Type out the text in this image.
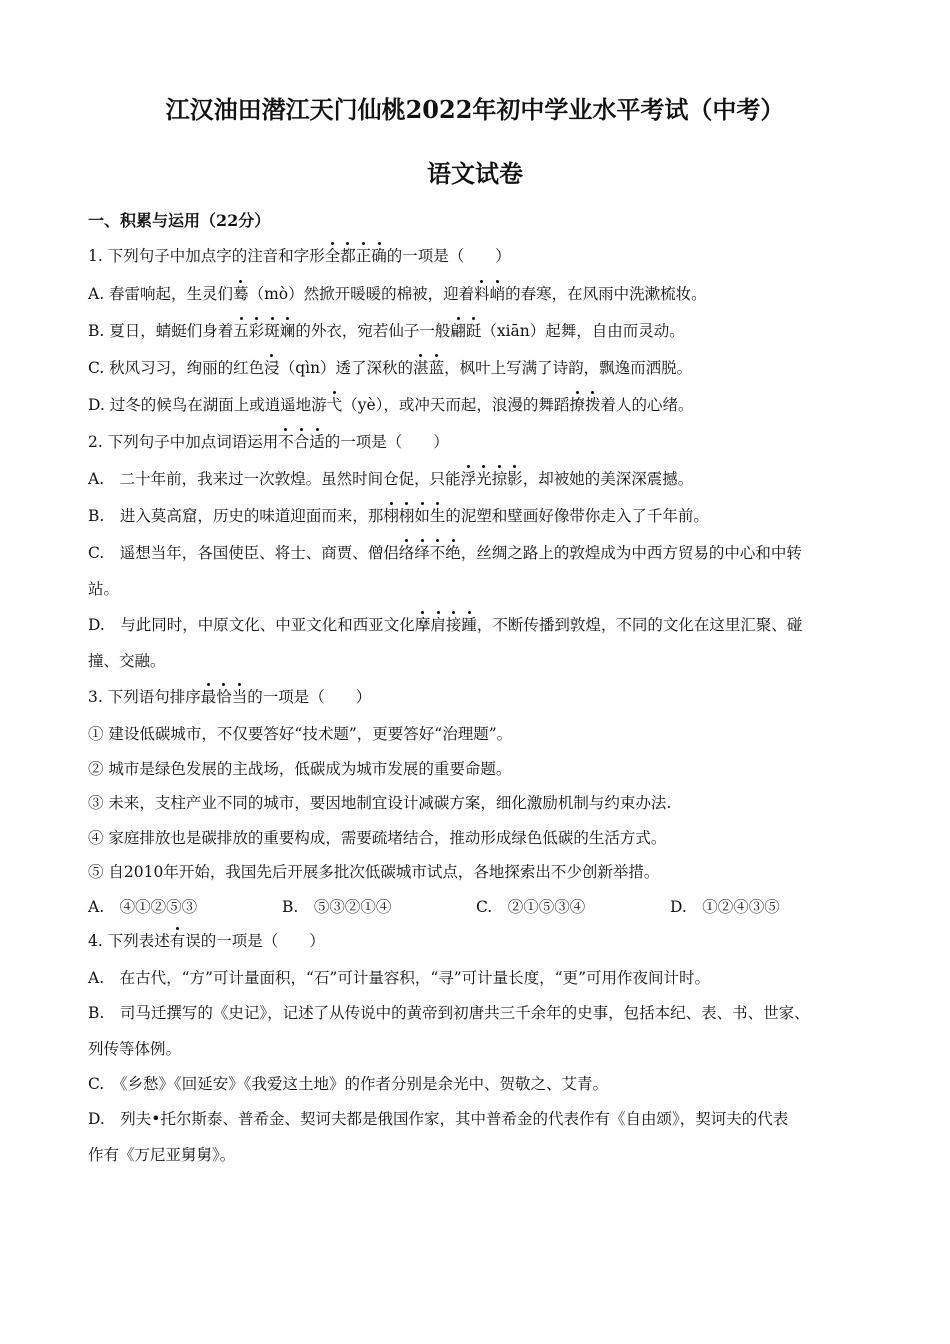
江汉油田潜江天门仙桃2022年初中学业水平考试（中考）
语文试卷
一、积累与运用（22分）
1. 下列句子中加点字的注音和字形全都正确的一项是（　　）
A. 春雷响起，生灵们蓦（mò）然掀开暖暖的棉被，迎着料峭的春寒，在风雨中洗漱梳妆。
B. 夏日，蜻蜓们身着五彩斑斓的外衣，宛若仙子一般翩跹（xiān）起舞，自由而灵动。
C. 秋风习习，绚丽的红色浸（qìn）透了深秋的湛蓝，枫叶上写满了诗韵，飘逸而洒脱。
D. 过冬的候鸟在湖面上或逍遥地游弋（yè），或冲天而起，浪漫的舞蹈撩拨着人的心绪。
2. 下列句子中加点词语运用不合适的一项是（　　）
A.　二十年前，我来过一次敦煌。虽然时间仓促，只能浮光掠影，却被她的美深深震撼。
B.　进入莫高窟，历史的味道迎面而来，那栩栩如生的泥塑和壁画好像带你走入了千年前。
C.　遥想当年，各国使臣、将士、商贾、僧侣络绎不绝，丝绸之路上的敦煌成为中西方贸易的中心和中转
站。
D.　与此同时，中原文化、中亚文化和西亚文化摩肩接踵，不断传播到敦煌，不同的文化在这里汇聚、碰
撞、交融。
3. 下列语句排序最恰当的一项是（　　）
① 建设低碳城市，不仅要答好“技术题”，更要答好“治理题”。
② 城市是绿色发展的主战场，低碳成为城市发展的重要命题。
③ 未来，支柱产业不同的城市，要因地制宜设计减碳方案，细化激励机制与约束办法.
④ 家庭排放也是碳排放的重要构成，需要疏堵结合，推动形成绿色低碳的生活方式。
⑤ 自2010年开始，我国先后开展多批次低碳城市试点，各地探索出不少创新举措。
A.　④①②⑤③	B.　⑤③②①④	C.　②①⑤③④	D.　①②④③⑤
4. 下列表述有误的一项是（　　）
A.　在古代，“方”可计量面积，“石”可计量容积，“寻”可计量长度，“更”可用作夜间计时。
B.　司马迁撰写的《史记》，记述了从传说中的黄帝到初唐共三千余年的史事，包括本纪、表、书、世家、
列传等体例。
C.　《乡愁》《回延安》《我爱这土地》的作者分别是余光中、贺敬之、艾青。
D.　列夫•托尔斯泰、普希金、契诃夫都是俄国作家，其中普希金的代表作有《自由颂》，契诃夫的代表
作有《万尼亚舅舅》。
